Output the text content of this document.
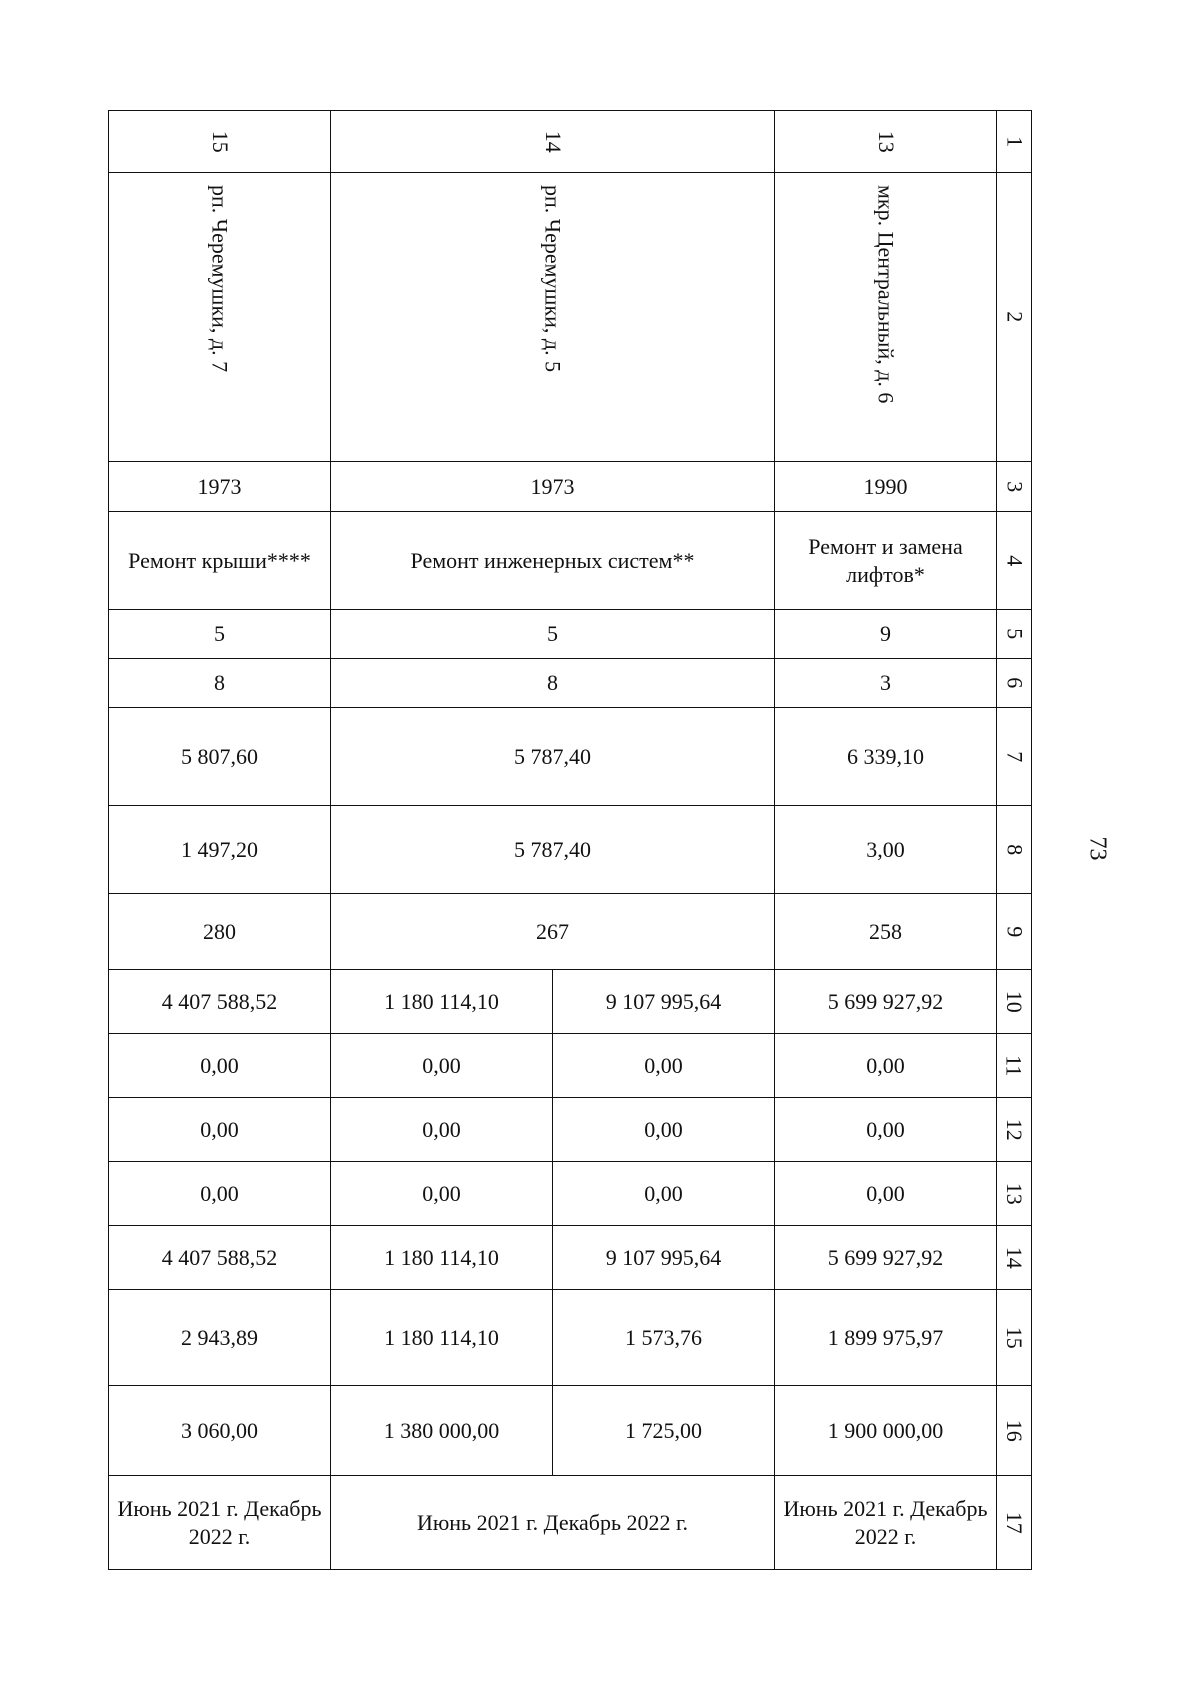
73
15	14		13	1

рп. Черемушки, д. 7	рп. Черемушки, д. 5		мкр. Центральный, д. 6	2
1973	1973		1990	3
Ремонт крыши****	Ремонт инженерных систем**		Ремонт и замена лифтов*	4
5	5		9	5
8	8		3	6
5 807,60	5 787,40		6 339,10	7
1 497,20	5 787,40		3,00	8
280	267		258	9
4 407 588,52	1 180 114,10	9 107 995,64	5 699 927,92	10
0,00	0,00	0,00	0,00	11
0,00	0,00	0,00	0,00	12
0,00	0,00	0,00	0,00	13
4 407 588,52	1 180 114,10	9 107 995,64	5 699 927,92	14
2 943,89	1 180 114,10	1 573,76	1 899 975,97	15
3 060,00	1 380 000,00	1 725,00	1 900 000,00	16
Июнь 2021 г. Декабрь 2022 г.	Июнь 2021 г. Декабрь 2022 г.		Июнь 2021 г. Декабрь 2022 г.	17
